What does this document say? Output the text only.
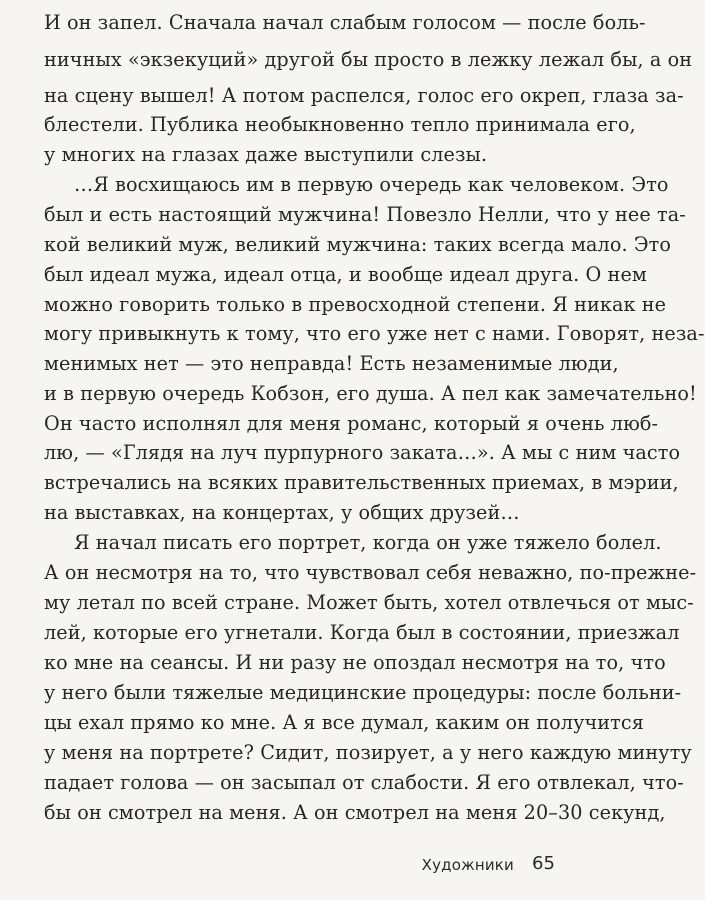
И он запел. Сначала начал слабым голосом — после боль-
ничных «экзекуций» другой бы просто в лежку лежал бы, а он
на сцену вышел! А потом распелся, голос его окреп, глаза за-
блестели. Публика необыкновенно тепло принимала его,
у многих на глазах даже выступили слезы.
…Я восхищаюсь им в первую очередь как человеком. Это
был и есть настоящий мужчина! Повезло Нелли, что у нее та-
кой великий муж, великий мужчина: таких всегда мало. Это
был идеал мужа, идеал отца, и вообще идеал друга. О нем
можно говорить только в превосходной степени. Я никак не
могу привыкнуть к тому, что его уже нет с нами. Говорят, неза-
менимых нет — это неправда! Есть незаменимые люди,
и в первую очередь Кобзон, его душа. А пел как замечательно!
Он часто исполнял для меня романс, который я очень люб-
лю, — «Глядя на луч пурпурного заката…». А мы с ним часто
встречались на всяких правительственных приемах, в мэрии,
на выставках, на концертах, у общих друзей…
Я начал писать его портрет, когда он уже тяжело болел.
А он несмотря на то, что чувствовал себя неважно, по-прежне-
му летал по всей стране. Может быть, хотел отвлечься от мыс-
лей, которые его угнетали. Когда был в состоянии, приезжал
ко мне на сеансы. И ни разу не опоздал несмотря на то, что
у него были тяжелые медицинские процедуры: после больни-
цы ехал прямо ко мне. А я все думал, каким он получится
у меня на портрете? Сидит, позирует, а у него каждую минуту
падает голова — он засыпал от слабости. Я его отвлекал, что-
бы он смотрел на меня. А он смотрел на меня 20–30 секунд,
Художники 65
